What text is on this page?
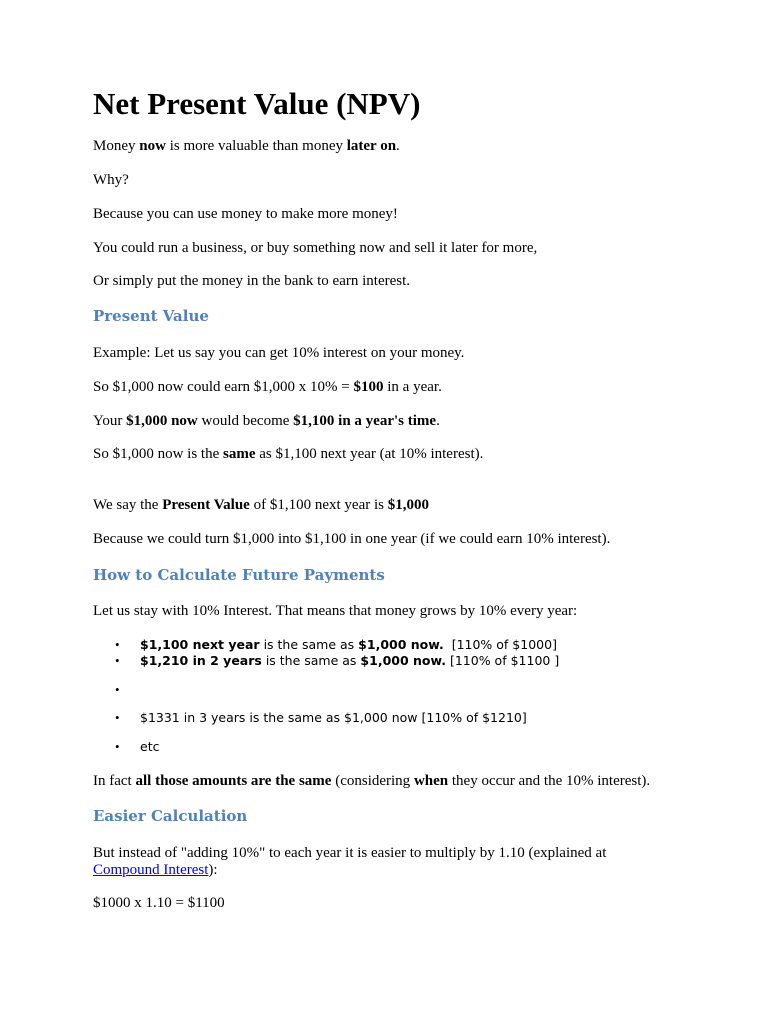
Net Present Value (NPV)
Money now is more valuable than money later on.
Why?
Because you can use money to make more money!
You could run a business, or buy something now and sell it later for more,
Or simply put the money in the bank to earn interest.
Present Value
Example: Let us say you can get 10% interest on your money.
So $1,000 now could earn $1,000 x 10% = $100 in a year.
Your $1,000 now would become $1,100 in a year's time.
So $1,000 now is the same as $1,100 next year (at 10% interest).
We say the Present Value of $1,100 next year is $1,000
Because we could turn $1,000 into $1,100 in one year (if we could earn 10% interest).
How to Calculate Future Payments
Let us stay with 10% Interest. That means that money grows by 10% every year:
• $1,100 next year is the same as $1,000 now.  [110% of $1000]
• $1,210 in 2 years is the same as $1,000 now. [110% of $1100 ]
•
• $1331 in 3 years is the same as $1,000 now [110% of $1210]
• etc
In fact all those amounts are the same (considering when they occur and the 10% interest).
Easier Calculation
But instead of "adding 10%" to each year it is easier to multiply by 1.10 (explained at
Compound Interest):
$1000 x 1.10 = $1100
